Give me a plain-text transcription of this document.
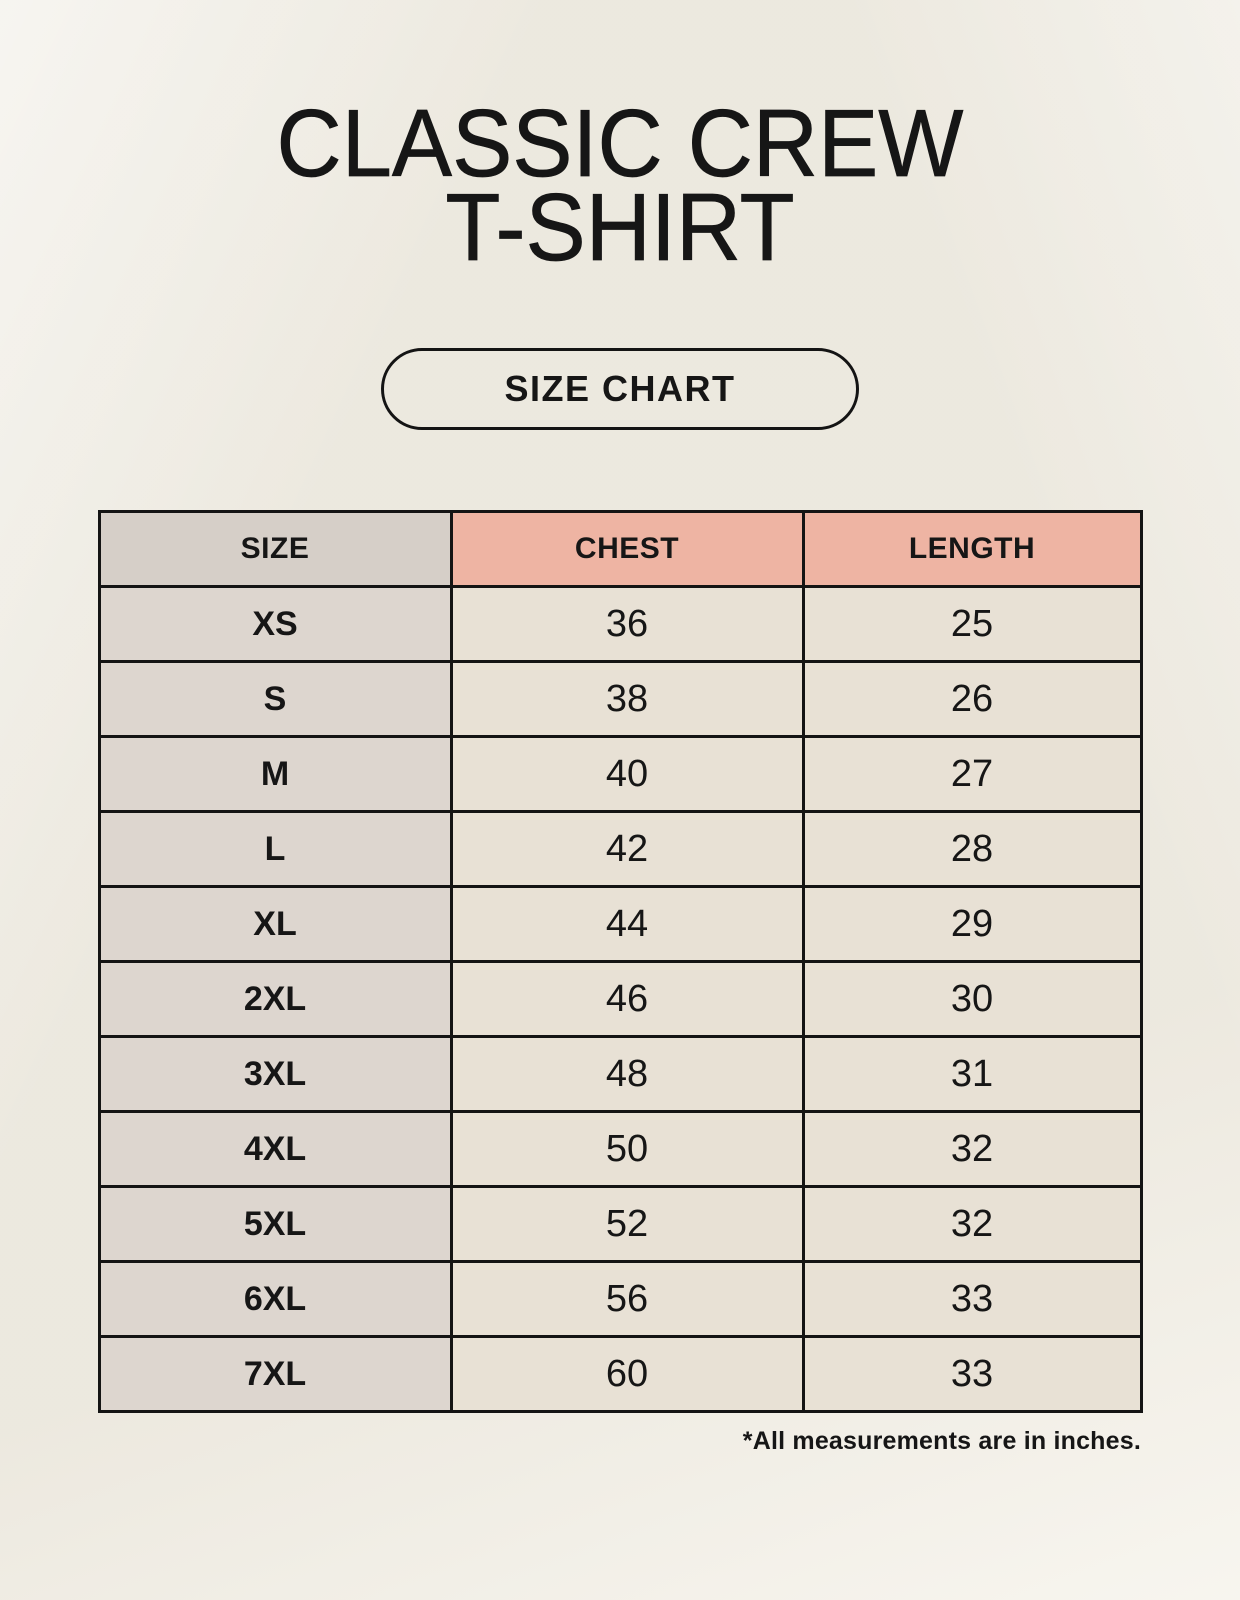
CLASSIC CREW
T-SHIRT
SIZE CHART
SIZE	CHEST	LENGTH
XS	36	25
S	38	26
M	40	27
L	42	28
XL	44	29
2XL	46	30
3XL	48	31
4XL	50	32
5XL	52	32
6XL	56	33
7XL	60	33
*All measurements are in inches.
